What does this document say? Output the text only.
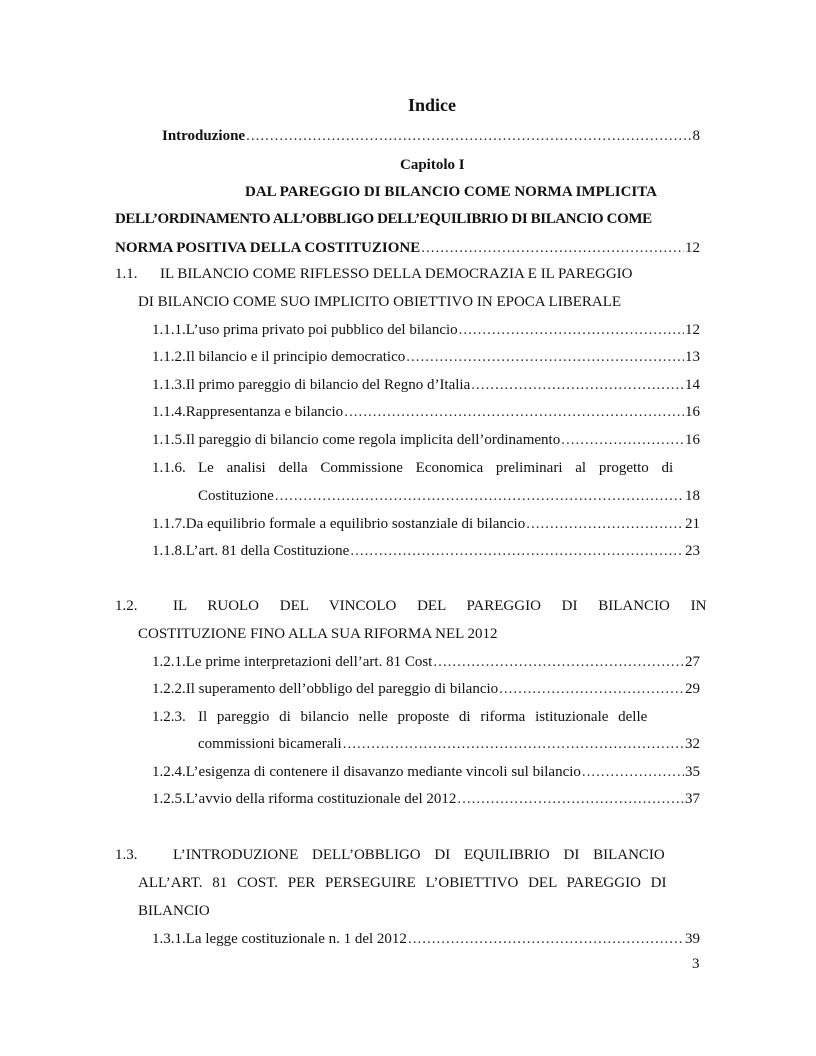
Indice
Introduzione .....	8
Capitolo I
DAL PAREGGIO DI BILANCIO COME NORMA IMPLICITA
DELL’ORDINAMENTO ALL’OBBLIGO DELL’EQUILIBRIO DI BILANCIO COME
NORMA POSITIVA DELLA COSTITUZIONE .....	12
1.1. IL BILANCIO COME RIFLESSO DELLA DEMOCRAZIA E IL PAREGGIO
DI BILANCIO COME SUO IMPLICITO OBIETTIVO IN EPOCA LIBERALE
1.1.1. L’uso prima privato poi pubblico del bilancio .....	12
1.1.2. Il bilancio e il principio democratico .....	13
1.1.3. Il primo pareggio di bilancio del Regno d’Italia .....	14
1.1.4. Rappresentanza e bilancio .....	16
1.1.5. Il pareggio di bilancio come regola implicita dell’ordinamento .....	16
1.1.6. Le analisi della Commissione Economica preliminari al progetto di
Costituzione .....	18
1.1.7. Da equilibrio formale a equilibrio sostanziale di bilancio .....	21
1.1.8. L’art. 81 della Costituzione .....	23
1.2. IL RUOLO DEL VINCOLO DEL PAREGGIO DI BILANCIO IN
COSTITUZIONE FINO ALLA SUA RIFORMA NEL 2012
1.2.1. Le prime interpretazioni dell’art. 81 Cost .....	27
1.2.2. Il superamento dell’obbligo del pareggio di bilancio .....	29
1.2.3. Il pareggio di bilancio nelle proposte di riforma istituzionale delle
commissioni bicamerali .....	32
1.2.4. L’esigenza di contenere il disavanzo mediante vincoli sul bilancio .....	35
1.2.5. L’avvio della riforma costituzionale del 2012 .....	37
1.3. L’INTRODUZIONE DELL’OBBLIGO DI EQUILIBRIO DI BILANCIO
ALL’ART. 81 COST. PER PERSEGUIRE L’OBIETTIVO DEL PAREGGIO DI
BILANCIO
1.3.1. La legge costituzionale n. 1 del 2012 .....	39
3
